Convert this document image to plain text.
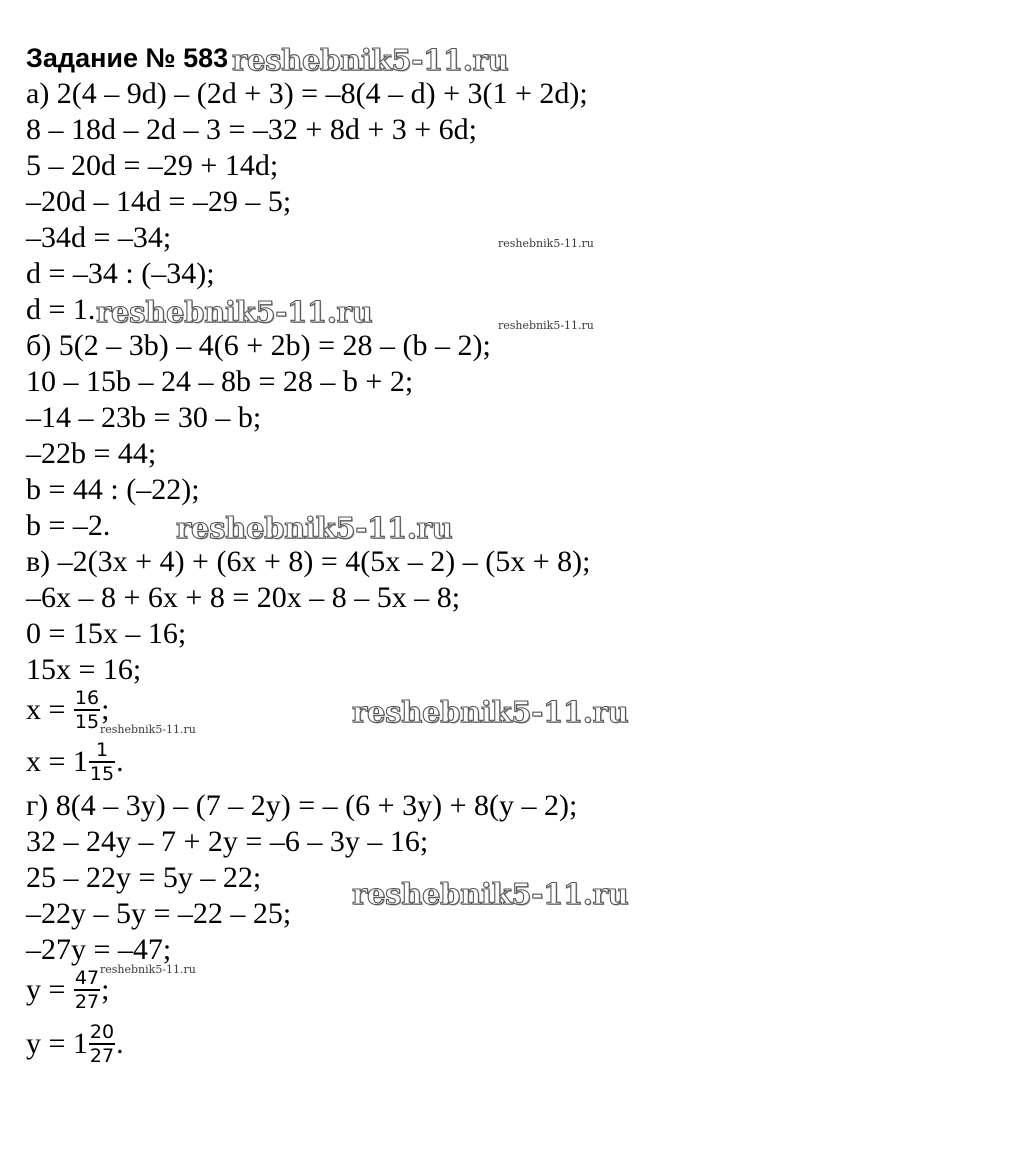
Задание № 583
а) 2(4 – 9d) – (2d + 3) = –8(4 – d) + 3(1 + 2d);
8 – 18d – 2d – 3 = –32 + 8d + 3 + 6d;
5 – 20d = –29 + 14d;
–20d – 14d = –29 – 5;
–34d = –34;
d = –34 : (–34);
d = 1.
б) 5(2 – 3b) – 4(6 + 2b) = 28 – (b – 2);
10 – 15b – 24 – 8b = 28 – b + 2;
–14 – 23b = 30 – b;
–22b = 44;
b = 44 : (–22);
b = –2.
в) –2(3x + 4) + (6x + 8) = 4(5x – 2) – (5x + 8);
–6x – 8 + 6x + 8 = 20x – 8 – 5x – 8;
0 = 15x – 16;
15x = 16;
$x = \frac{16}{15}$ ;
$x = 1 \frac{1}{15}$ .
г) 8(4 – 3y) – (7 – 2y) = – (6 + 3y) + 8(y – 2);
32 – 24y – 7 + 2y = –6 – 3y – 16;
25 – 22y = 5y – 22;
–22y – 5y = –22 – 25;
–27y = –47;
$y = \frac{47}{27}$ ;
$y = 1 \frac{20}{27}$ .
reshebnik5-11.ru
reshebnik5-11.ru
reshebnik5-11.ru
reshebnik5-11.ru
reshebnik5-11.ru
reshebnik5-11.ru
reshebnik5-11.ru
reshebnik5-11.ru
reshebnik5-11.ru
